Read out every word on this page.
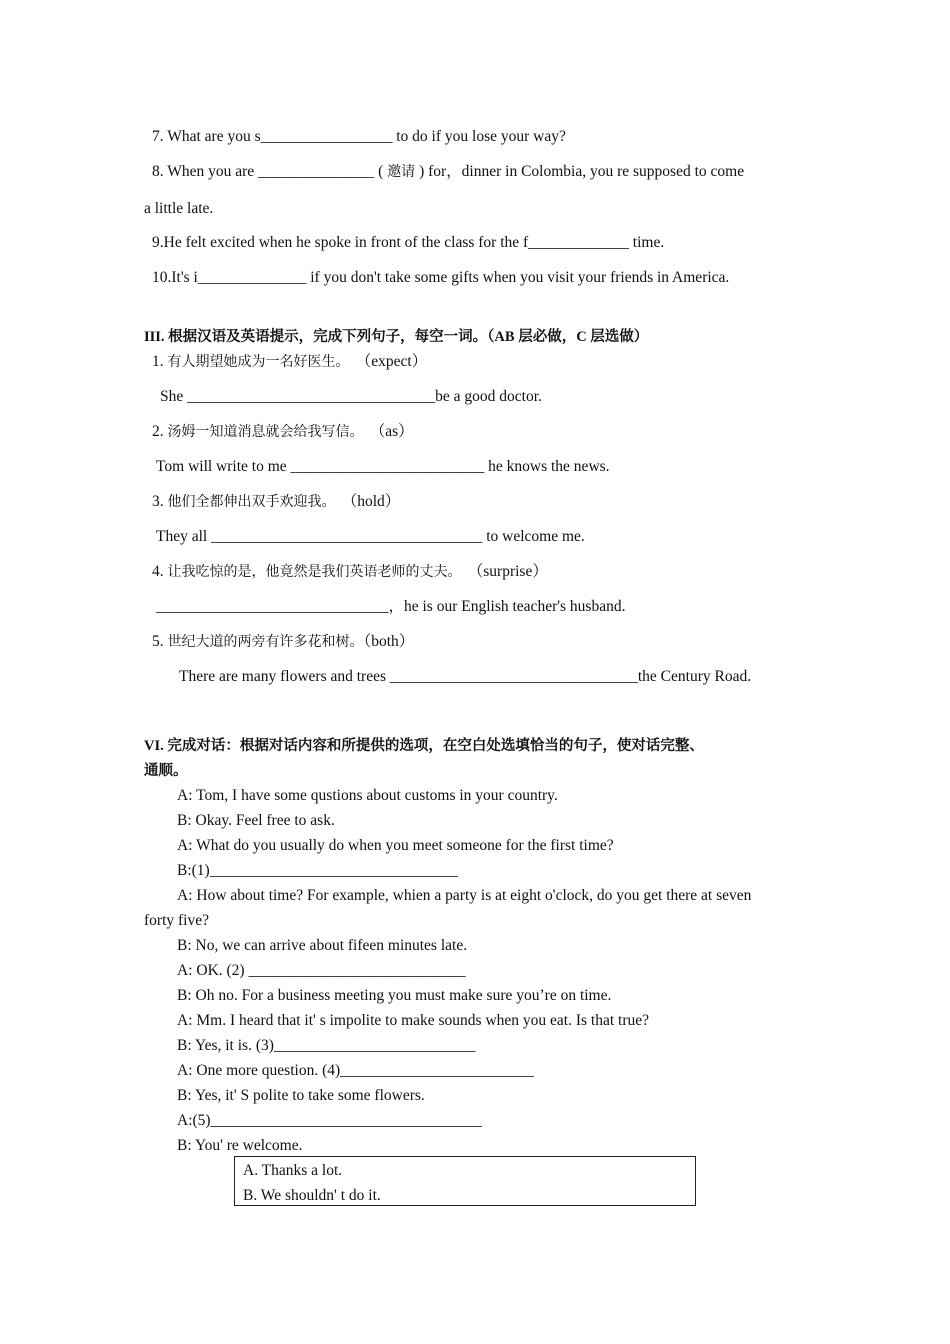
7. What are you s_________________ to do if you lose your way?
8. When you are _______________ ( 邀请 ) for，dinner in Colombia, you re supposed to come
a little late.
9.He felt excited when he spoke in front of the class for the f_____________ time.
10.It's i______________ if you don't take some gifts when you visit your friends in America.
III. 根据汉语及英语提示，完成下列句子，每空一词。（AB 层必做，C 层选做）
1. 有人期望她成为一名好医生。 （expect）
She ________________________________be a good doctor.
2. 汤姆一知道消息就会给我写信。 （as）
Tom will write to me _________________________ he knows the news.
3. 他们全都伸出双手欢迎我。 （hold）
They all ___________________________________ to welcome me.
4. 让我吃惊的是，他竟然是我们英语老师的丈夫。 （surprise）
______________________________，he is our English teacher's husband.
5. 世纪大道的两旁有许多花和树。（both）
There are many flowers and trees ________________________________the Century Road.
VI. 完成对话：根据对话内容和所提供的选项，在空白处选填恰当的句子，使对话完整、
通顺。
A: Tom, I have some qustions about customs in your country.
B: Okay. Feel free to ask.
A: What do you usually do when you meet someone for the first time?
B:(1)________________________________
A: How about time? For example, whien a party is at eight o'clock, do you get there at seven
forty five?
B: No, we can arrive about fifeen minutes late.
A: OK. (2) ____________________________
B: Oh no. For a business meeting you must make sure you’re on time.
A: Mm. I heard that it' s impolite to make sounds when you eat. Is that true?
B: Yes, it is. (3)__________________________
A: One more question. (4)_________________________
B: Yes, it' S polite to take some flowers.
A:(5)___________________________________
B: You' re welcome.
A. Thanks a lot.
B. We shouldn' t do it.
